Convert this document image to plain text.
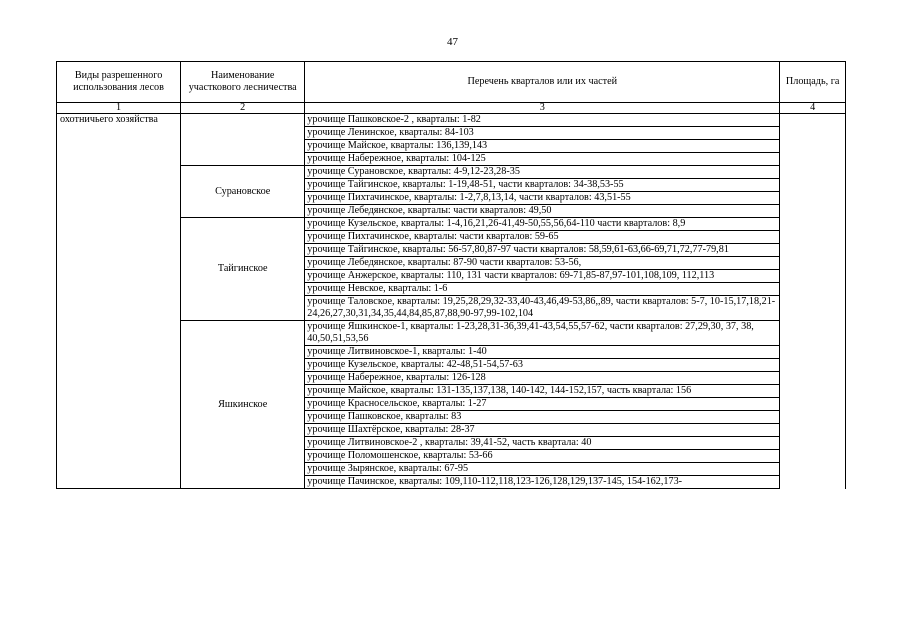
47
Виды разрешенного использования лесов	Наименование участкового лесничества	Перечень кварталов или их частей	Площадь, га
1	2	3	4
охотничьего хозяйства		урочище Пашковское-2 , кварталы: 1-82	
		урочище Ленинское, кварталы: 84-103	
		урочище Майское, кварталы: 136,139,143	
		урочище Набережное, кварталы: 104-125	
	Сурановское	урочище Сурановское, кварталы: 4-9,12-23,28-35	
		урочище Тайгинское, кварталы: 1-19,48-51, части кварталов: 34-38,53-55	
		урочище Пихтачинское, кварталы: 1-2,7,8,13,14, части кварталов: 43,51-55	
		урочище Лебедянское, кварталы: части кварталов: 49,50	
	Тайгинское	урочище Кузельское, кварталы: 1-4,16,21,26-41,49-50,55,56,64-110 части кварталов: 8,9	
		урочище Пихтачинское, кварталы: части кварталов: 59-65	
		урочище Тайгинское, кварталы: 56-57,80,87-97 части кварталов: 58,59,61-63,66-69,71,72,77-79,81	
		урочище Лебедянское, кварталы: 87-90 части кварталов: 53-56,	
		урочище Анжерское, кварталы: 110, 131 части кварталов: 69-71,85-87,97-101,108,109, 112,113	
		урочище Невское, кварталы: 1-6	
		урочище Таловское, кварталы: 19,25,28,29,32-33,40-43,46,49-53,86,,89, части кварталов: 5-7, 10-15,17,18,21-24,26,27,30,31,34,35,44,84,85,87,88,90-97,99-102,104	
	Яшкинское	урочище Яшкинское-1, кварталы: 1-23,28,31-36,39,41-43,54,55,57-62, части кварталов: 27,29,30, 37, 38, 40,50,51,53,56	
		урочище Литвиновское-1, кварталы: 1-40	
		урочище Кузельское, кварталы: 42-48,51-54,57-63	
		урочище Набережное, кварталы: 126-128	
		урочище Майское, кварталы: 131-135,137,138, 140-142, 144-152,157, часть квартала: 156	
		урочище Красносельское, кварталы: 1-27	
		урочище Пашковское, кварталы: 83	
		урочище Шахтёрское, кварталы: 28-37	
		урочище Литвиновское-2 , кварталы: 39,41-52, часть квартала: 40	
		урочище Поломошенское, кварталы: 53-66	
		урочище Зырянское, кварталы: 67-95	
		урочище Пачинское, кварталы: 109,110-112,118,123-126,128,129,137-145, 154-162,173-	
